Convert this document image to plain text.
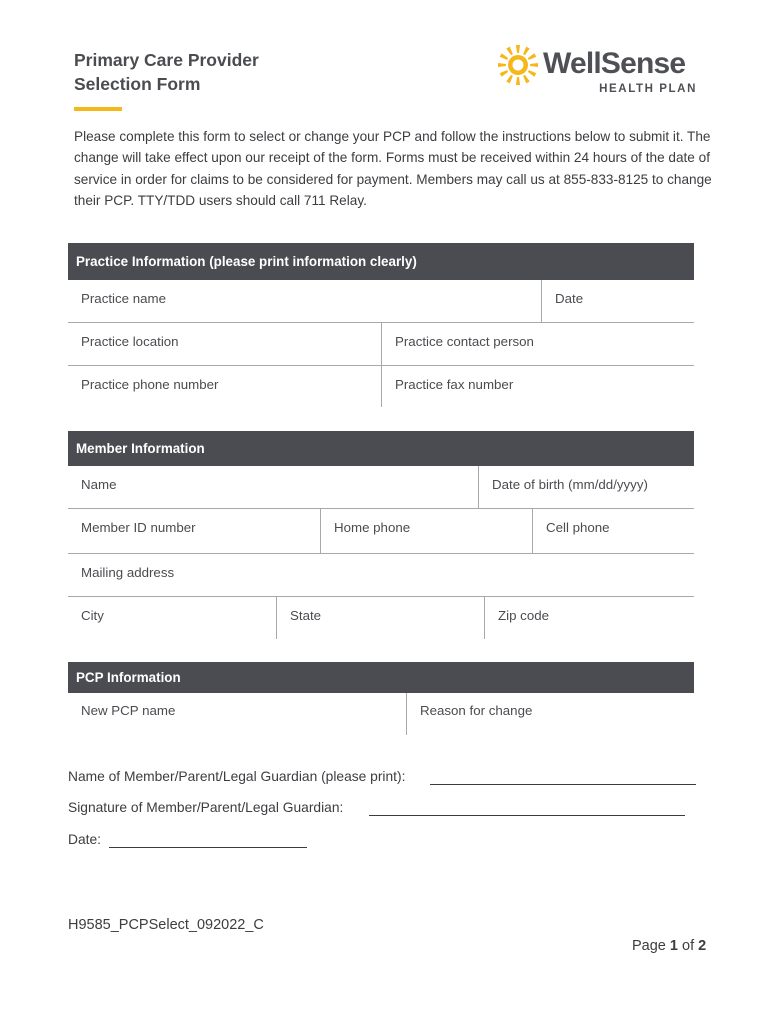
Primary Care Provider
Selection Form
WellSense
HEALTH PLAN
Please complete this form to select or change your PCP and follow the instructions below to submit it. The change will take effect upon our receipt of the form. Forms must be received within 24 hours of the date of service in order for claims to be considered for payment. Members may call us at 855-833-8125 to change their PCP. TTY/TDD users should call 711 Relay.
Practice Information (please print information clearly)
Practice name	Date
Practice location	Practice contact person
Practice phone number	Practice fax number
Member Information
Name	Date of birth (mm/dd/yyyy)
Member ID number	Home phone	Cell phone
Mailing address
City	State	Zip code
PCP Information
New PCP name	Reason for change
Name of Member/Parent/Legal Guardian (please print):
Signature of Member/Parent/Legal Guardian:
Date:
H9585_PCPSelect_092022_C
Page 1 of 2
